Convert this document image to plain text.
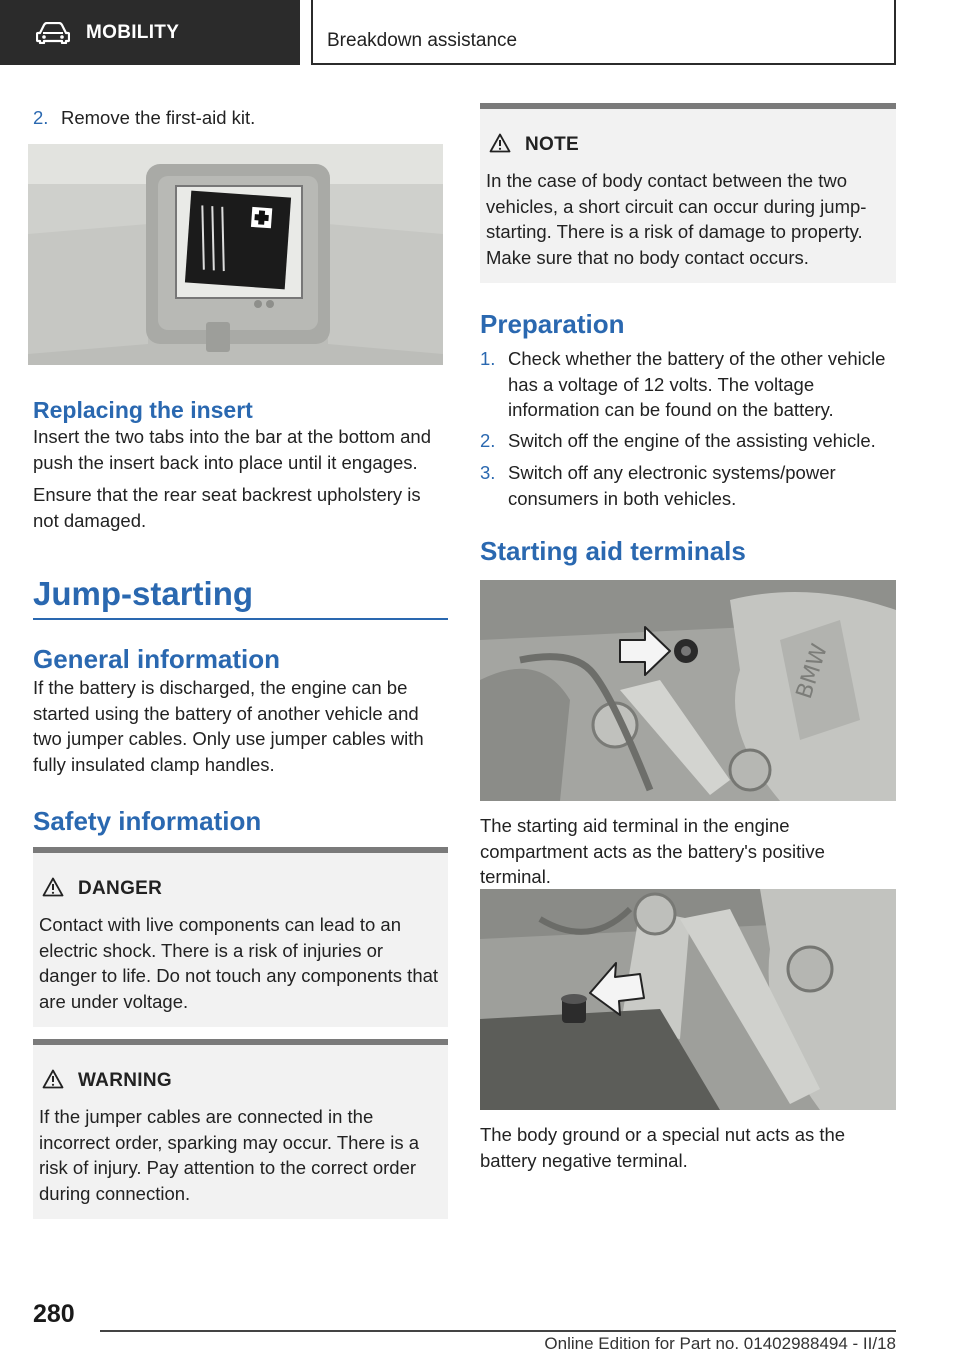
MOBILITY	Breakdown assistance
2. Remove the first-aid kit.
Replacing the insert
Insert the two tabs into the bar at the bottom and push the insert back into place until it engages.
Ensure that the rear seat backrest upholstery is not damaged.
Jump-starting
General information
If the battery is discharged, the engine can be started using the battery of another vehicle and two jumper cables. Only use jumper cables with fully insulated clamp handles.
Safety information
DANGER
Contact with live components can lead to an electric shock. There is a risk of injuries or danger to life. Do not touch any components that are under voltage.
WARNING
If the jumper cables are connected in the incorrect order, sparking may occur. There is a risk of injury. Pay attention to the correct order during connection.
NOTE
In the case of body contact between the two vehicles, a short circuit can occur during jump-starting. There is a risk of damage to property. Make sure that no body contact occurs.
Preparation
1. Check whether the battery of the other vehicle has a voltage of 12 volts. The voltage information can be found on the battery.
2. Switch off the engine of the assisting vehicle.
3. Switch off any electronic systems/power consumers in both vehicles.
Starting aid terminals
BMW
The starting aid terminal in the engine compartment acts as the battery's positive terminal.
The body ground or a special nut acts as the battery negative terminal.
280
Online Edition for Part no. 01402988494 - II/18
